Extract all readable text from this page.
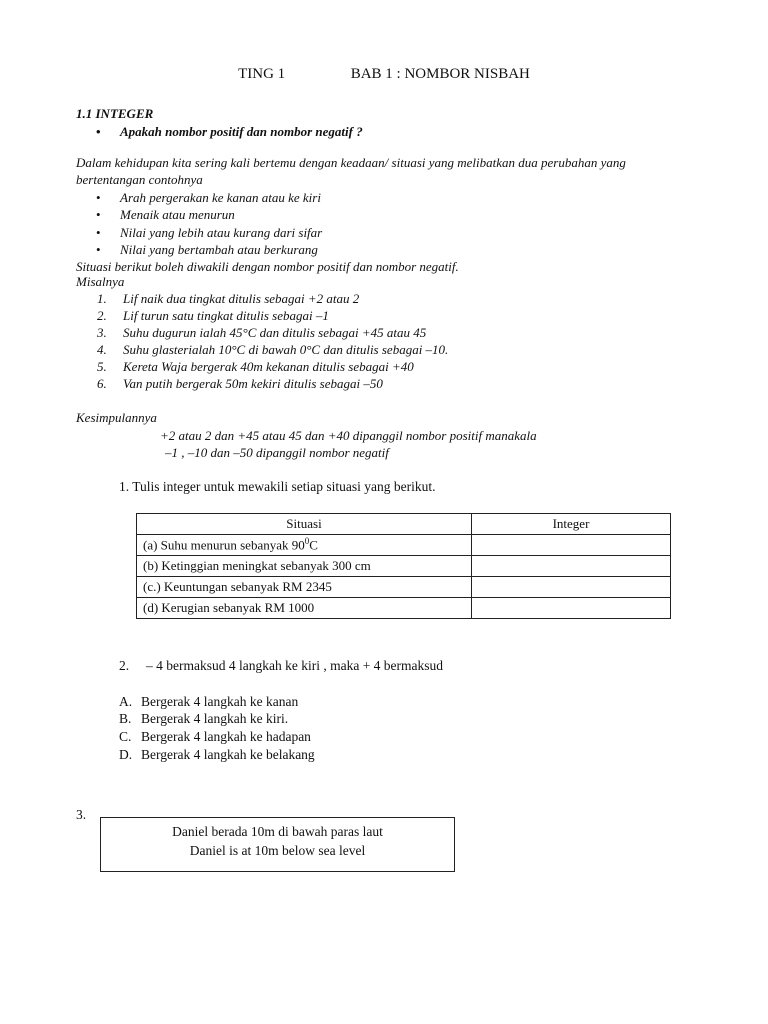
TING 1	BAB 1 : NOMBOR NISBAH
1.1 INTEGER
• Apakah nombor positif dan nombor negatif ?
Dalam kehidupan kita sering kali bertemu dengan keadaan/ situasi yang melibatkan dua perubahan yang
bertentangan contohnya
• Arah pergerakan ke kanan atau ke kiri
• Menaik atau menurun
• Nilai yang lebih atau kurang dari sifar
• Nilai yang bertambah atau berkurang
Situasi berikut boleh diwakili dengan nombor positif dan nombor negatif.
Misalnya
1. Lif naik dua tingkat ditulis sebagai +2 atau 2
2. Lif turun satu tingkat ditulis sebagai –1
3. Suhu dugurun ialah 45°C dan ditulis sebagai +45 atau 45
4. Suhu glasterialah 10°C di bawah 0°C dan ditulis sebagai –10.
5. Kereta Waja bergerak 40m kekanan ditulis sebagai +40
6. Van putih bergerak 50m kekiri ditulis sebagai –50
Kesimpulannya
+2 atau 2 dan +45 atau 45 dan +40 dipanggil nombor positif manakala
–1 , –10 dan –50 dipanggil nombor negatif
1. Tulis integer untuk mewakili setiap situasi yang berikut.
Situasi	Integer
(a) Suhu menurun sebanyak $90^0C$	
(b) Ketinggian meningkat sebanyak 300 cm	
(c.) Keuntungan sebanyak RM 2345	
(d) Kerugian sebanyak RM 1000	
2. – 4 bermaksud 4 langkah ke kiri , maka + 4 bermaksud
A. Bergerak 4 langkah ke kanan
B. Bergerak 4 langkah ke kiri.
C. Bergerak 4 langkah ke hadapan
D. Bergerak 4 langkah ke belakang
3.
Daniel berada 10m di bawah paras laut
Daniel is at 10m below sea level
